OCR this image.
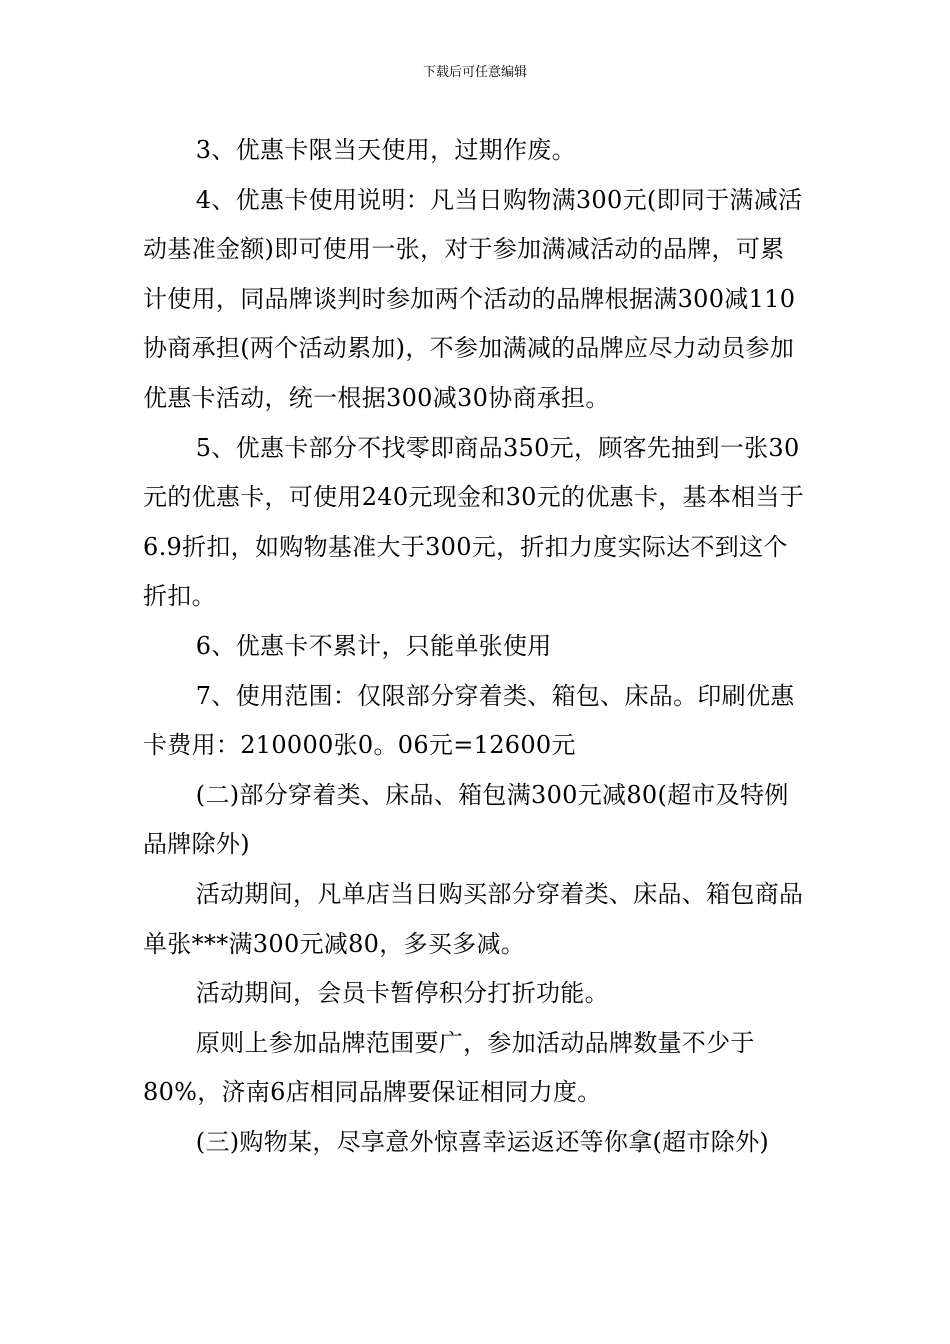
下载后可任意编辑

3、优惠卡限当天使用，过期作废。

4、优惠卡使用说明：凡当日购物满300元(即同于满减活动基准金额)即可使用一张，对于参加满减活动的品牌，可累计使用，同品牌谈判时参加两个活动的品牌根据满300减110协商承担(两个活动累加)，不参加满减的品牌应尽力动员参加优惠卡活动，统一根据300减30协商承担。

5、优惠卡部分不找零即商品350元，顾客先抽到一张30元的优惠卡，可使用240元现金和30元的优惠卡，基本相当于6.9折扣，如购物基准大于300元，折扣力度实际达不到这个折扣。

6、优惠卡不累计，只能单张使用

7、使用范围：仅限部分穿着类、箱包、床品。印刷优惠卡费用：210000张0。06元=12600元

(二)部分穿着类、床品、箱包满300元减80(超市及特例品牌除外)

活动期间，凡单店当日购买部分穿着类、床品、箱包商品单张***满300元减80，多买多减。

活动期间，会员卡暂停积分打折功能。

原则上参加品牌范围要广，参加活动品牌数量不少于80%，济南6店相同品牌要保证相同力度。

(三)购物某，尽享意外惊喜幸运返还等你拿(超市除外)
